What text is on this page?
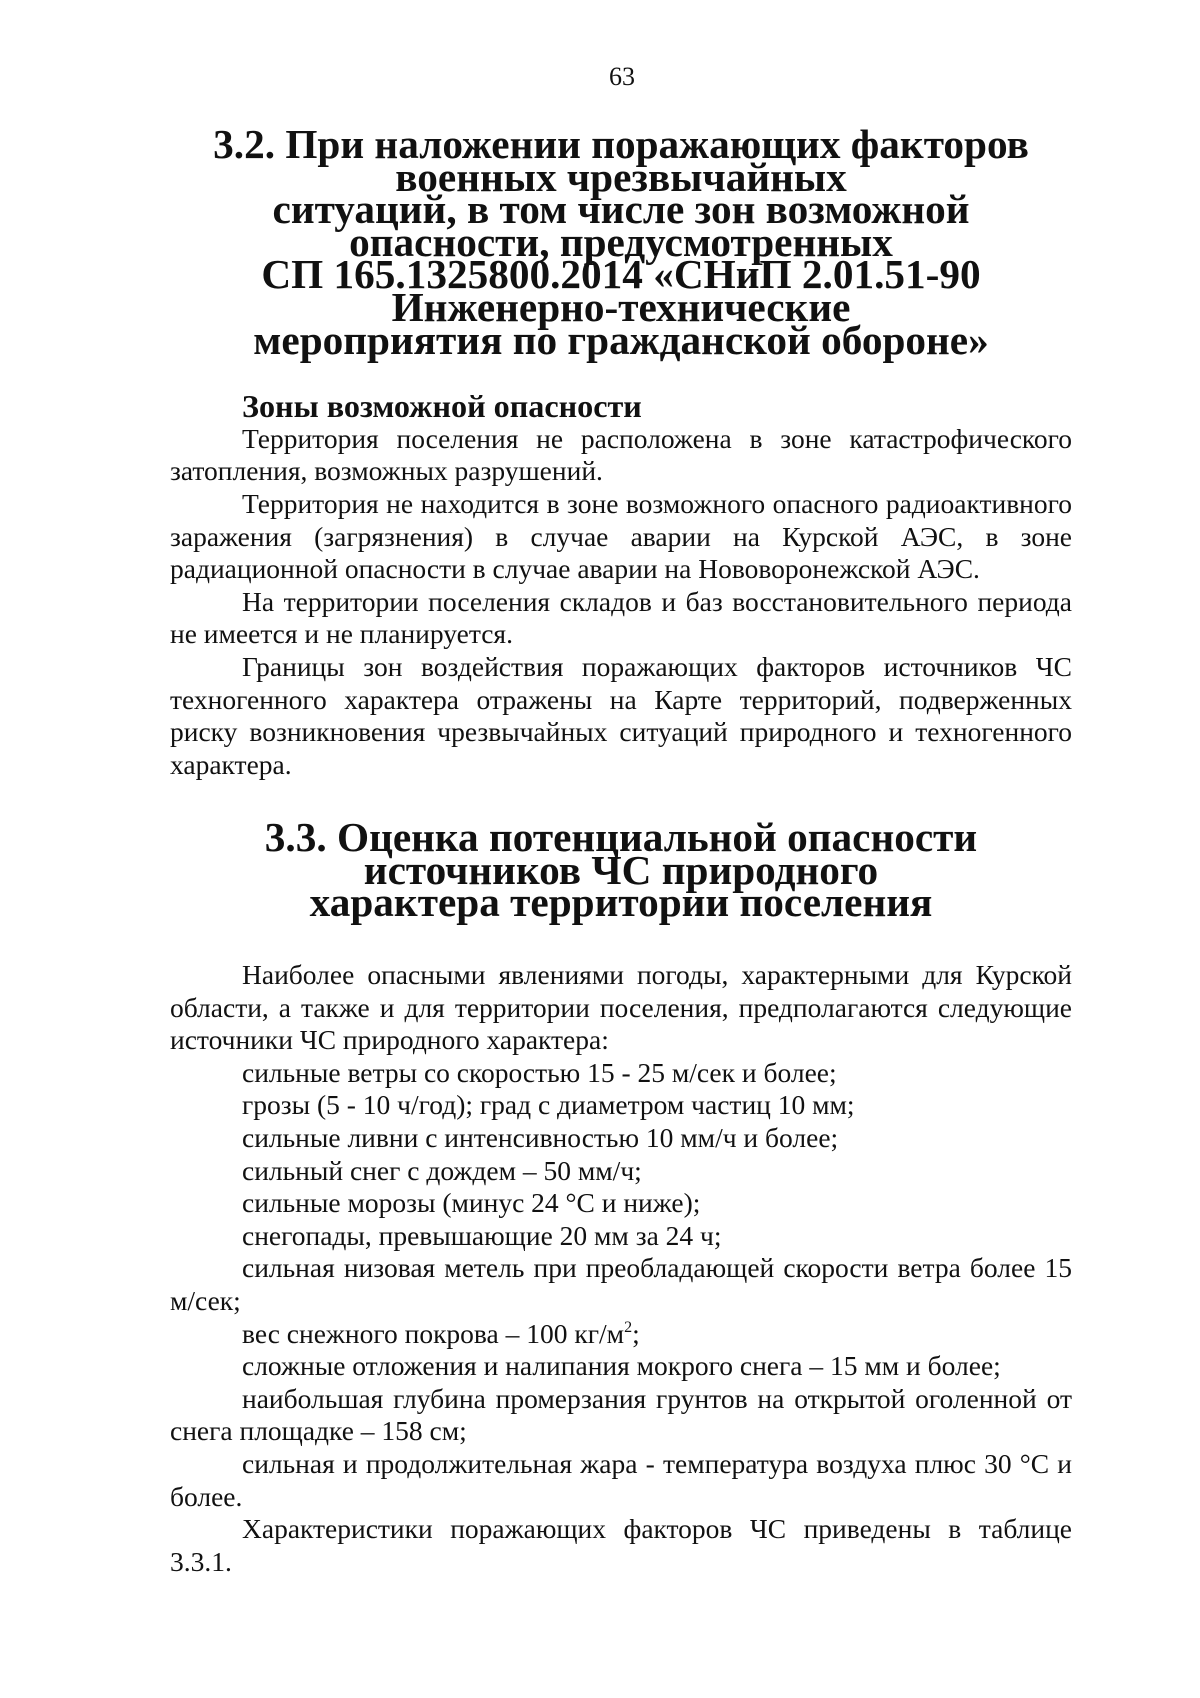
63
3.2. При наложении поражающих факторов военных чрезвычайных
ситуаций, в том числе зон возможной опасности, предусмотренных
СП 165.1325800.2014 «СНиП 2.01.51-90 Инженерно-технические
мероприятия по гражданской обороне»
Зоны возможной опасности

Территория поселения не расположена в зоне катастрофического затопления, возможных разрушений.

Территория не находится в зоне возможного опасного радиоактивного заражения (загрязнения) в случае аварии на Курской АЭС, в зоне радиационной опасности в случае аварии на Нововоронежской АЭС.

На территории поселения складов и баз восстановительного периода не имеется и не планируется.

Границы зон воздействия поражающих факторов источников ЧС техногенного характера отражены на Карте территорий, подверженных риску возникновения чрезвычайных ситуаций природного и техногенного характера.

3.3. Оценка потенциальной опасности источников ЧС природного
характера территории поселения

Наиболее опасными явлениями погоды, характерными для Курской области, а также и для территории поселения, предполагаются следующие источники ЧС природного характера:

сильные ветры со скоростью 15 - 25 м/сек и более;

грозы (5 - 10 ч/год); град с диаметром частиц 10 мм;

сильные ливни с интенсивностью 10 мм/ч и более;

сильный снег с дождем – 50 мм/ч;

сильные морозы (минус 24 °С и ниже);

снегопады, превышающие 20 мм за 24 ч;

сильная низовая метель при преобладающей скорости ветра более 15 м/сек;

вес снежного покрова – 100 $кг/м^2$;

сложные отложения и налипания мокрого снега – 15 мм и более;

наибольшая глубина промерзания грунтов на открытой оголенной от снега площадке – 158 см;

сильная и продолжительная жара - температура воздуха плюс 30 °С и более.

Характеристики поражающих факторов ЧС приведены в таблице 3.3.1.
